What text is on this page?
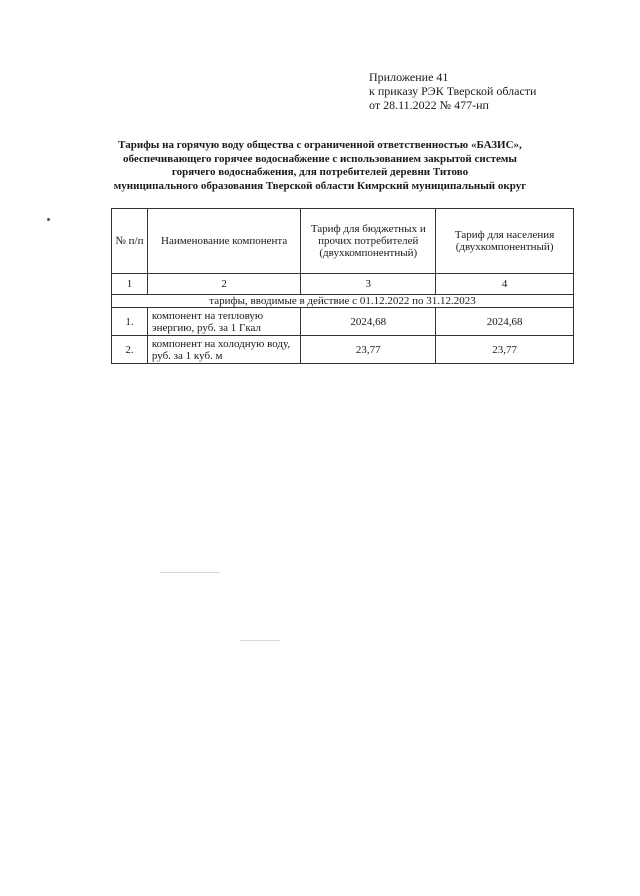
Приложение 41
к приказу РЭК Тверской области
от 28.11.2022 № 477-нп
Тарифы на горячую воду общества с ограниченной ответственностью «БАЗИС»,
обеспечивающего горячее водоснабжение с использованием закрытой системы
горячего водоснабжения, для потребителей деревни Титово
муниципального образования Тверской области Кимрский муниципальный округ
№ п/п	Наименование компонента	Тариф для бюджетных и прочих потребителей (двухкомпонентный)	Тариф для населения (двухкомпонентный)
1	2	3	4
тарифы, вводимые в действие с 01.12.2022 по 31.12.2023			
1.	компонент на тепловую энергию, руб. за 1 Гкал	2024,68	2024,68
2.	компонент на холодную воду, руб. за 1 куб. м	23,77	23,77
